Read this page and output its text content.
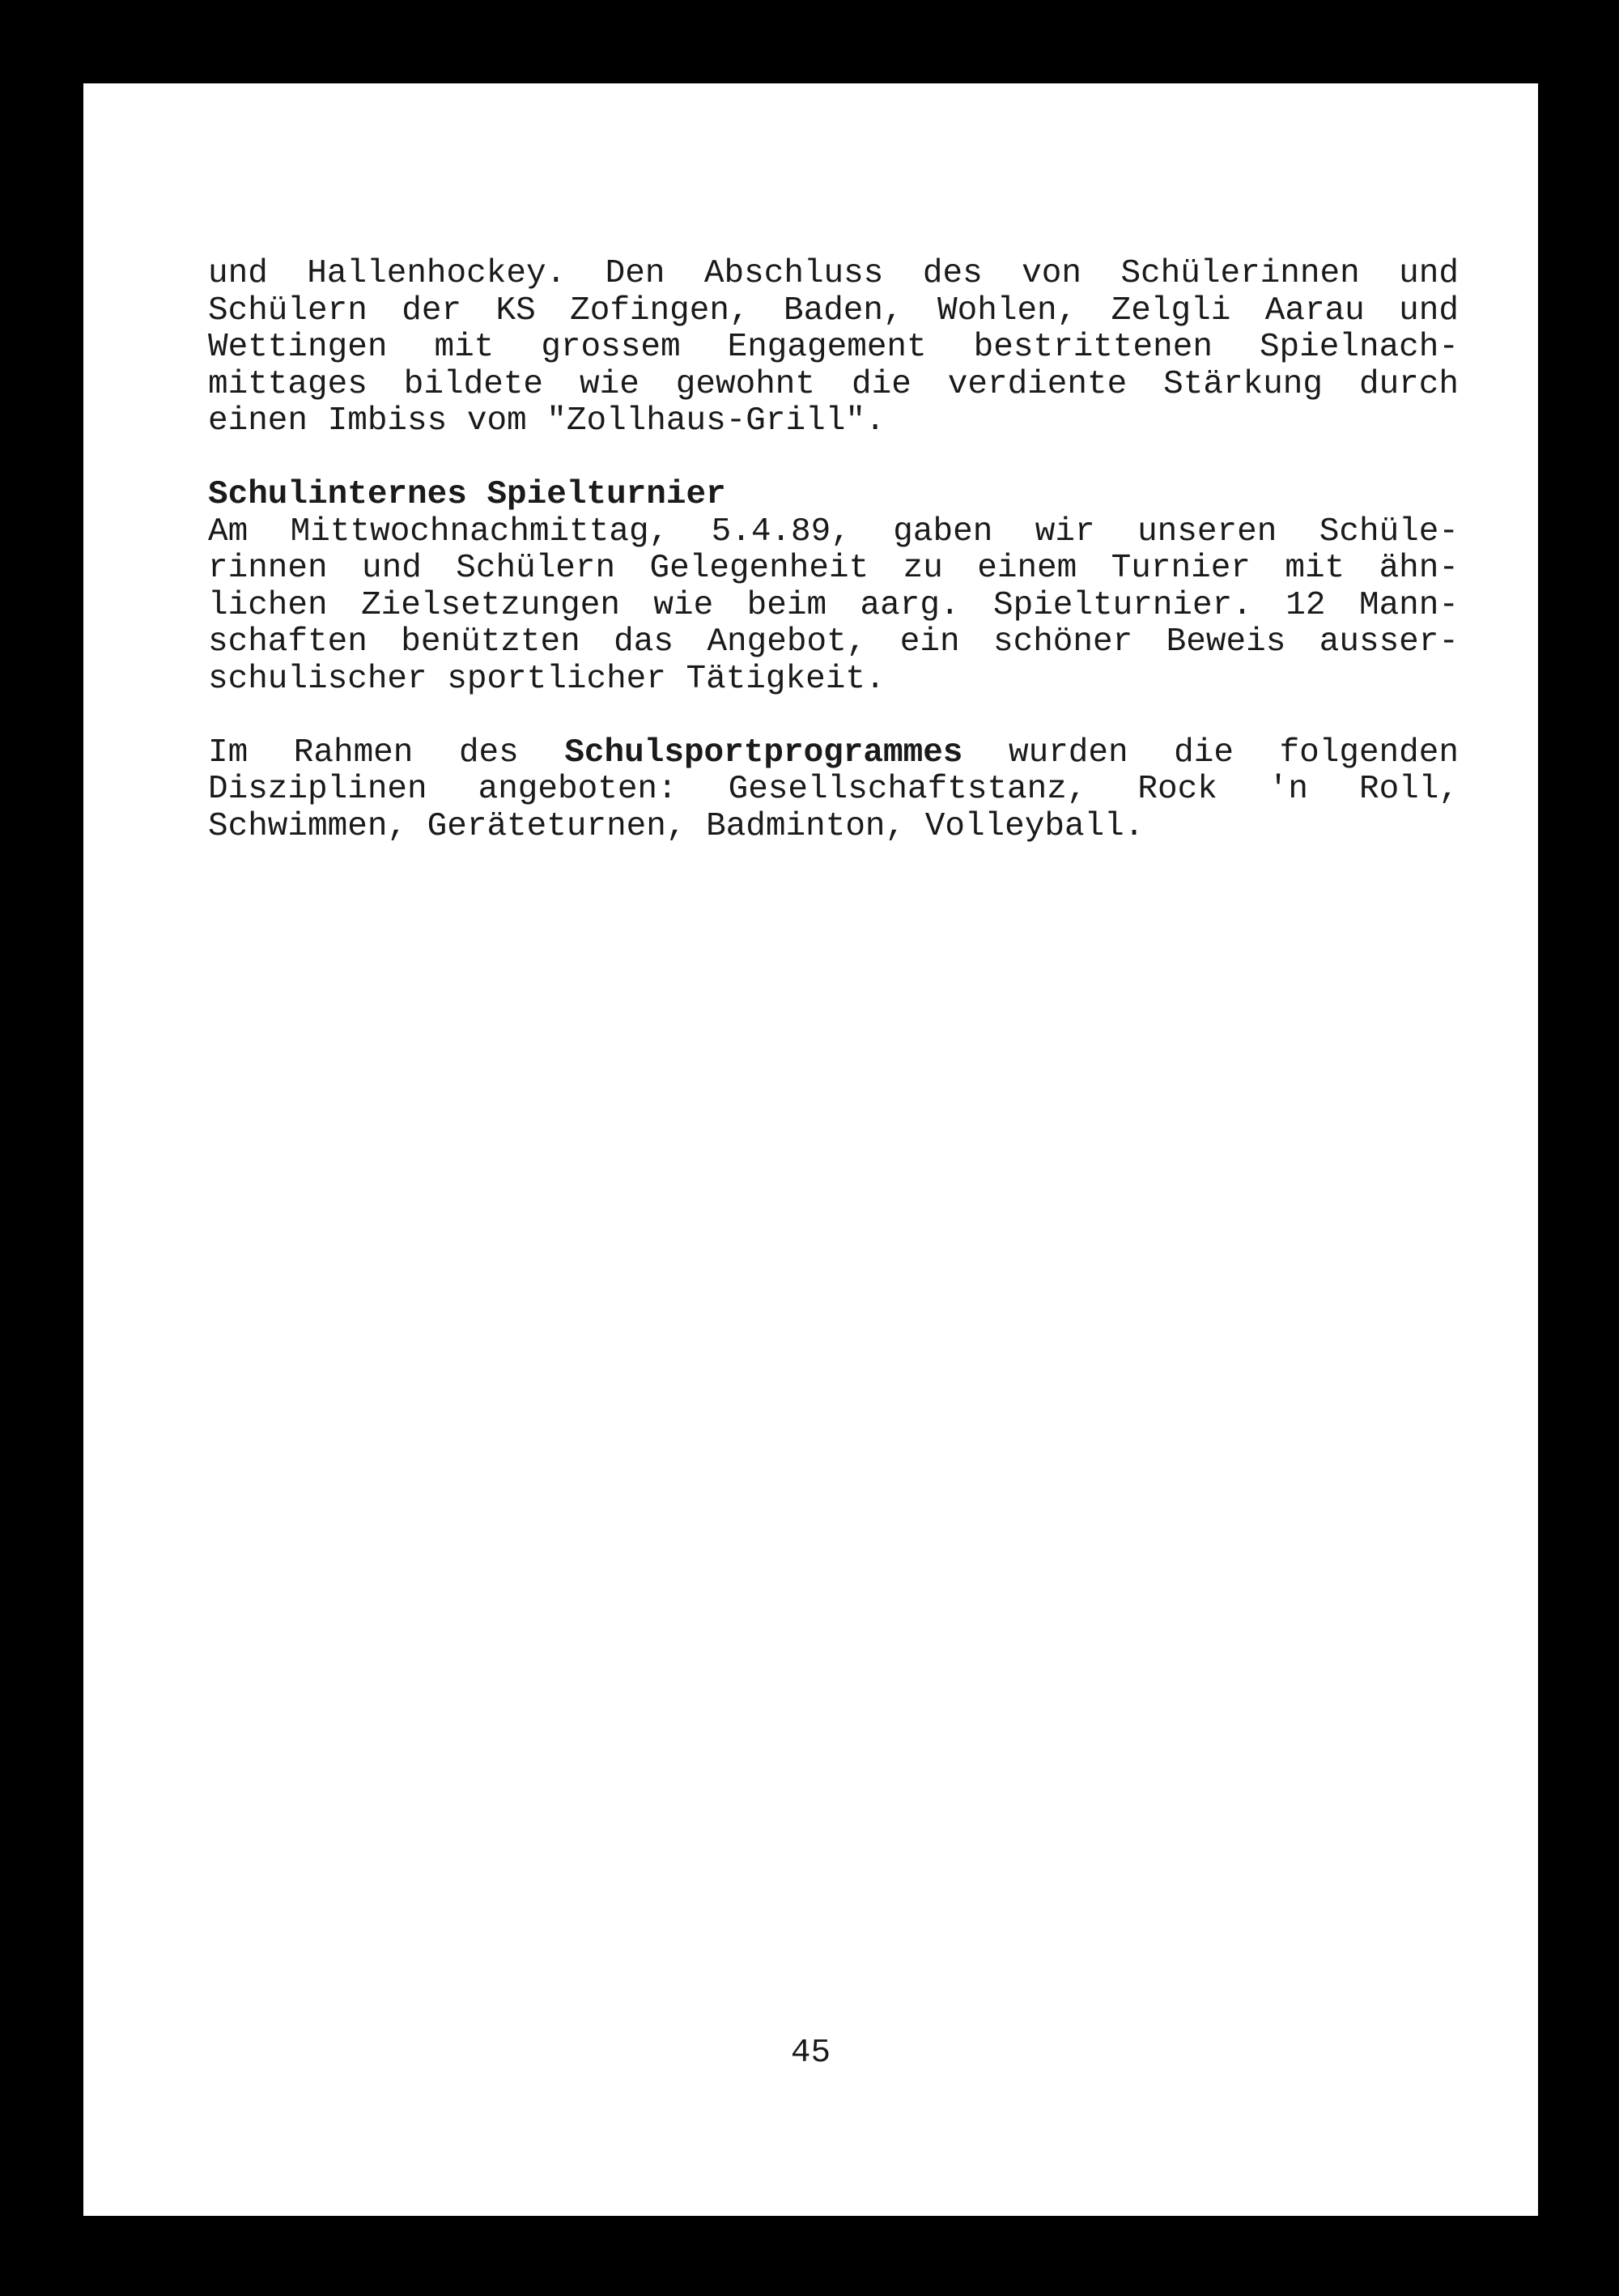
und Hallenhockey. Den Abschluss des von Schülerinnen und
Schülern der KS Zofingen, Baden, Wohlen, Zelgli Aarau und
Wettingen mit grossem Engagement bestrittenen Spielnach-
mittages bildete wie gewohnt die verdiente Stärkung durch
einen Imbiss vom "Zollhaus-Grill".
Schulinternes Spielturnier
Am Mittwochnachmittag, 5.4.89, gaben wir unseren Schüle-
rinnen und Schülern Gelegenheit zu einem Turnier mit ähn-
lichen Zielsetzungen wie beim aarg. Spielturnier. 12 Mann-
schaften benützten das Angebot, ein schöner Beweis ausser-
schulischer sportlicher Tätigkeit.
Im Rahmen des Schulsportprogrammes wurden die folgenden
Disziplinen angeboten: Gesellschaftstanz, Rock 'n Roll,
Schwimmen, Geräteturnen, Badminton, Volleyball.
45
